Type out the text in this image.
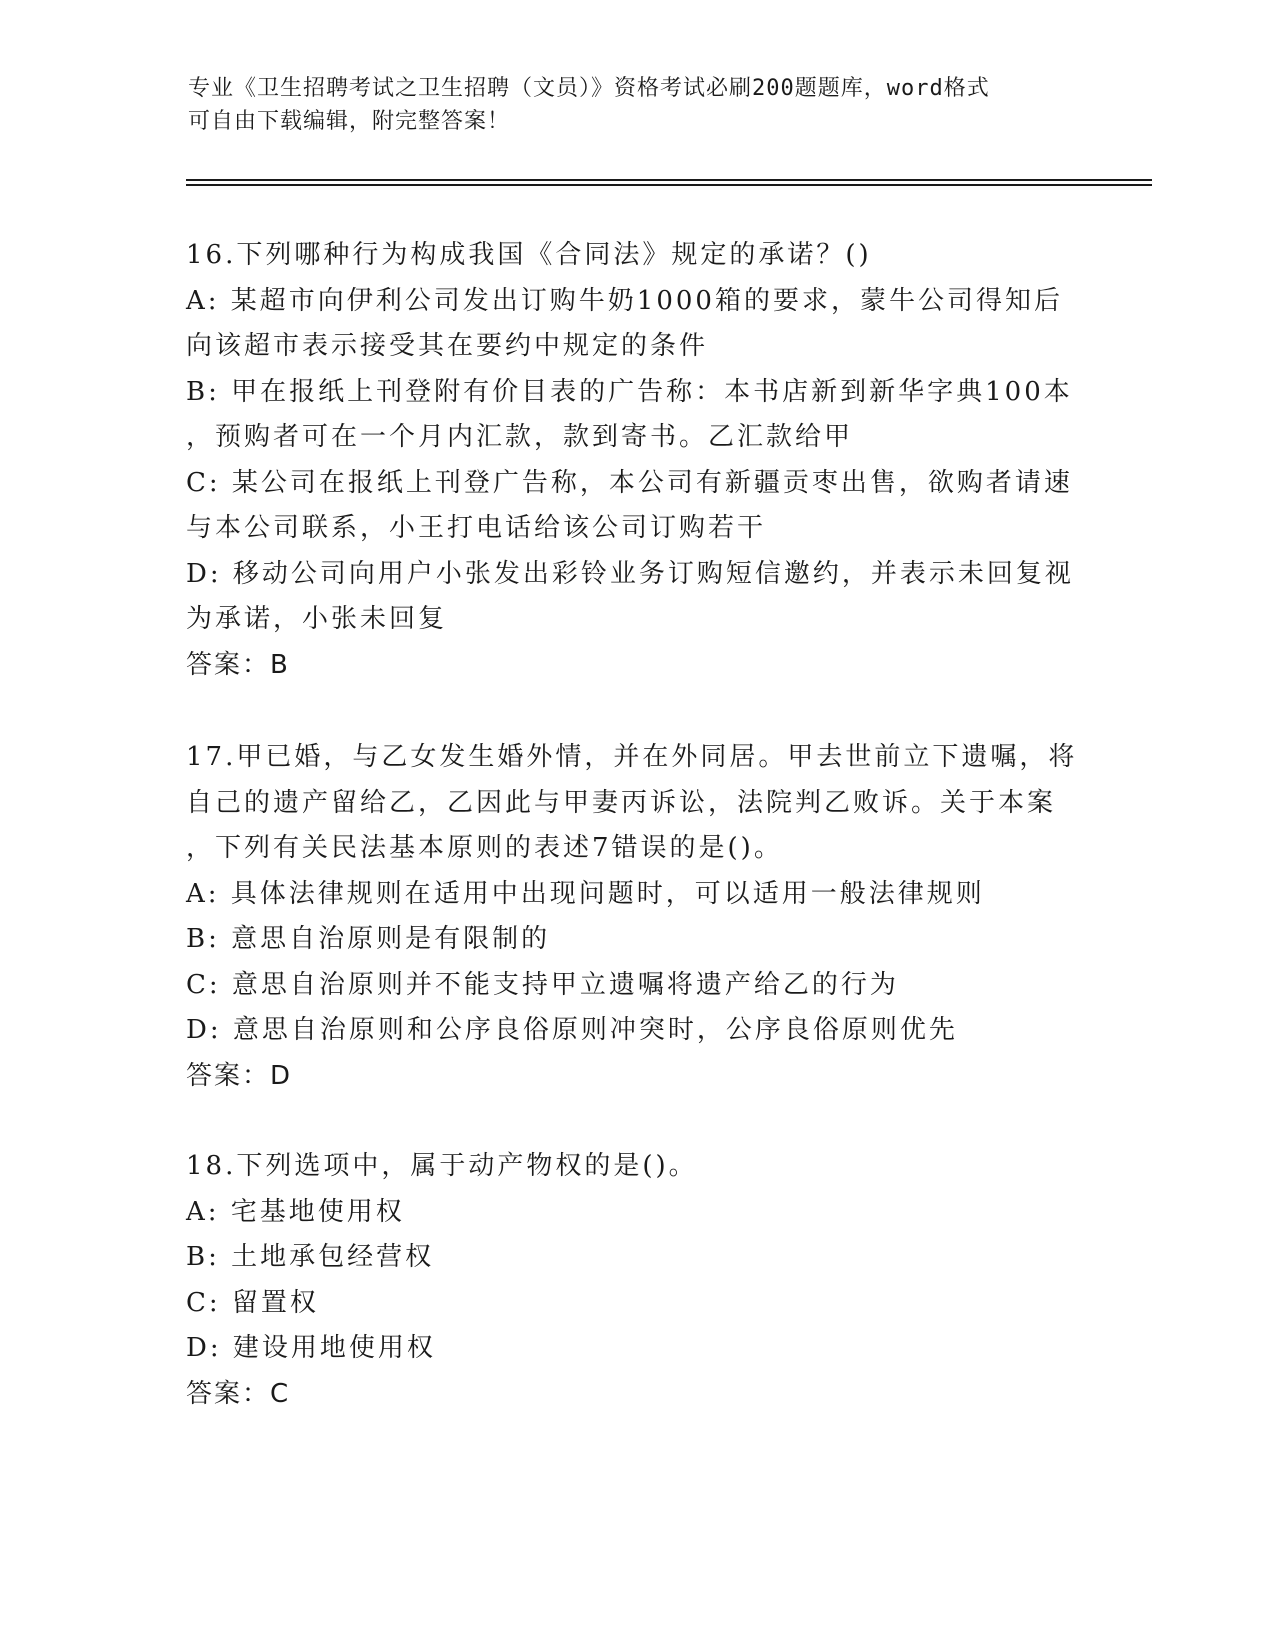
专业《卫生招聘考试之卫生招聘（文员）》资格考试必刷200题题库，word格式
可自由下载编辑，附完整答案！
16.下列哪种行为构成我国《合同法》规定的承诺？()
A: 某超市向伊利公司发出订购牛奶1000箱的要求，蒙牛公司得知后
向该超市表示接受其在要约中规定的条件
B: 甲在报纸上刊登附有价目表的广告称：本书店新到新华字典100本
，预购者可在一个月内汇款，款到寄书。乙汇款给甲
C: 某公司在报纸上刊登广告称，本公司有新疆贡枣出售，欲购者请速
与本公司联系，小王打电话给该公司订购若干
D: 移动公司向用户小张发出彩铃业务订购短信邀约，并表示未回复视
为承诺，小张未回复
答案：B
17.甲已婚，与乙女发生婚外情，并在外同居。甲去世前立下遗嘱，将
自己的遗产留给乙，乙因此与甲妻丙诉讼，法院判乙败诉。关于本案
，下列有关民法基本原则的表述7错误的是()。
A: 具体法律规则在适用中出现问题时，可以适用一般法律规则
B: 意思自治原则是有限制的
C: 意思自治原则并不能支持甲立遗嘱将遗产给乙的行为
D: 意思自治原则和公序良俗原则冲突时，公序良俗原则优先
答案：D
18.下列选项中，属于动产物权的是()。
A: 宅基地使用权
B: 土地承包经营权
C: 留置权
D: 建设用地使用权
答案：C
